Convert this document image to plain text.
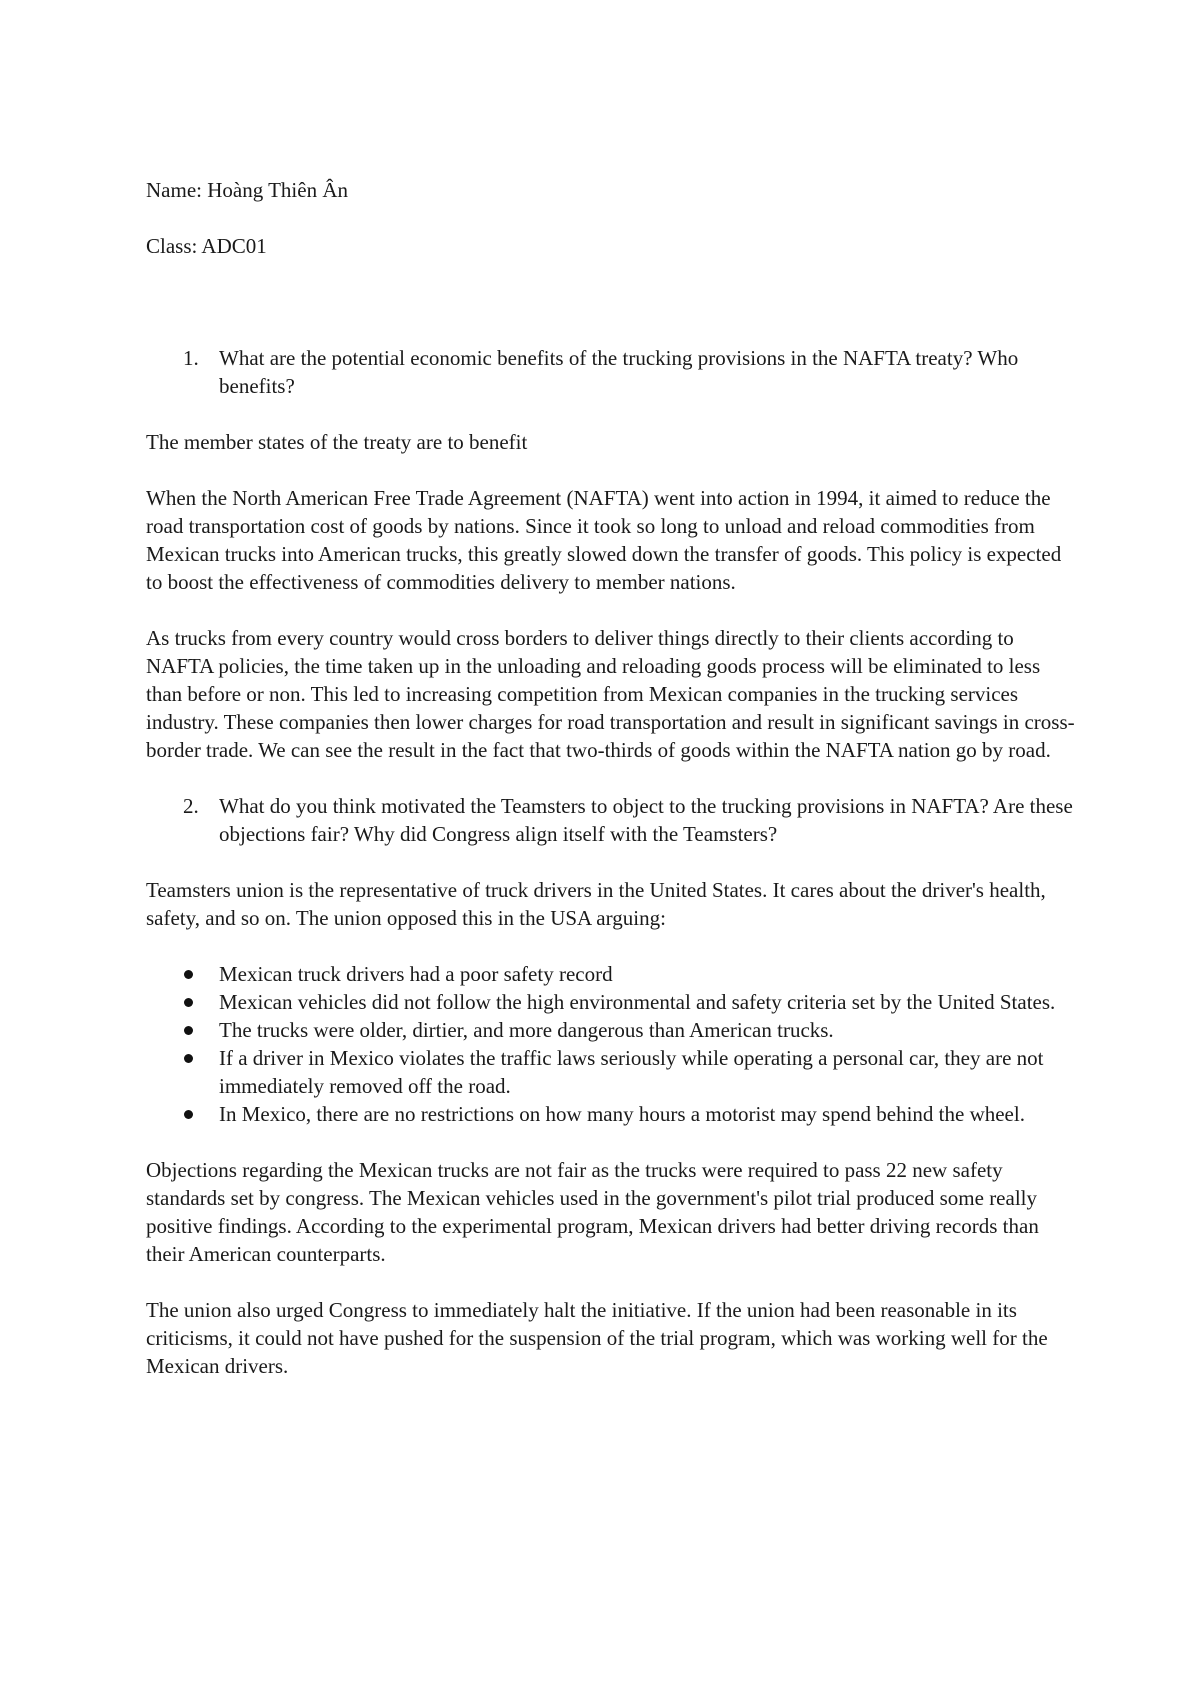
Name: Hoàng Thiên Ân

Class: ADC01

1. What are the potential economic benefits of the trucking provisions in the NAFTA treaty? Who benefits?

The member states of the treaty are to benefit

When the North American Free Trade Agreement (NAFTA) went into action in 1994, it aimed to reduce the road transportation cost of goods by nations. Since it took so long to unload and reload commodities from Mexican trucks into American trucks, this greatly slowed down the transfer of goods. This policy is expected to boost the effectiveness of commodities delivery to member nations.

As trucks from every country would cross borders to deliver things directly to their clients according to NAFTA policies, the time taken up in the unloading and reloading goods process will be eliminated to less than before or non. This led to increasing competition from Mexican companies in the trucking services industry. These companies then lower charges for road transportation and result in significant savings in cross-border trade. We can see the result in the fact that two-thirds of goods within the NAFTA nation go by road.

2. What do you think motivated the Teamsters to object to the trucking provisions in NAFTA? Are these objections fair? Why did Congress align itself with the Teamsters?

Teamsters union is the representative of truck drivers in the United States. It cares about the driver's health, safety, and so on. The union opposed this in the USA arguing:

Mexican truck drivers had a poor safety record
Mexican vehicles did not follow the high environmental and safety criteria set by the United States.
The trucks were older, dirtier, and more dangerous than American trucks.
If a driver in Mexico violates the traffic laws seriously while operating a personal car, they are not immediately removed off the road.
In Mexico, there are no restrictions on how many hours a motorist may spend behind the wheel.

Objections regarding the Mexican trucks are not fair as the trucks were required to pass 22 new safety standards set by congress. The Mexican vehicles used in the government's pilot trial produced some really positive findings. According to the experimental program, Mexican drivers had better driving records than their American counterparts.

The union also urged Congress to immediately halt the initiative. If the union had been reasonable in its criticisms, it could not have pushed for the suspension of the trial program, which was working well for the Mexican drivers.
